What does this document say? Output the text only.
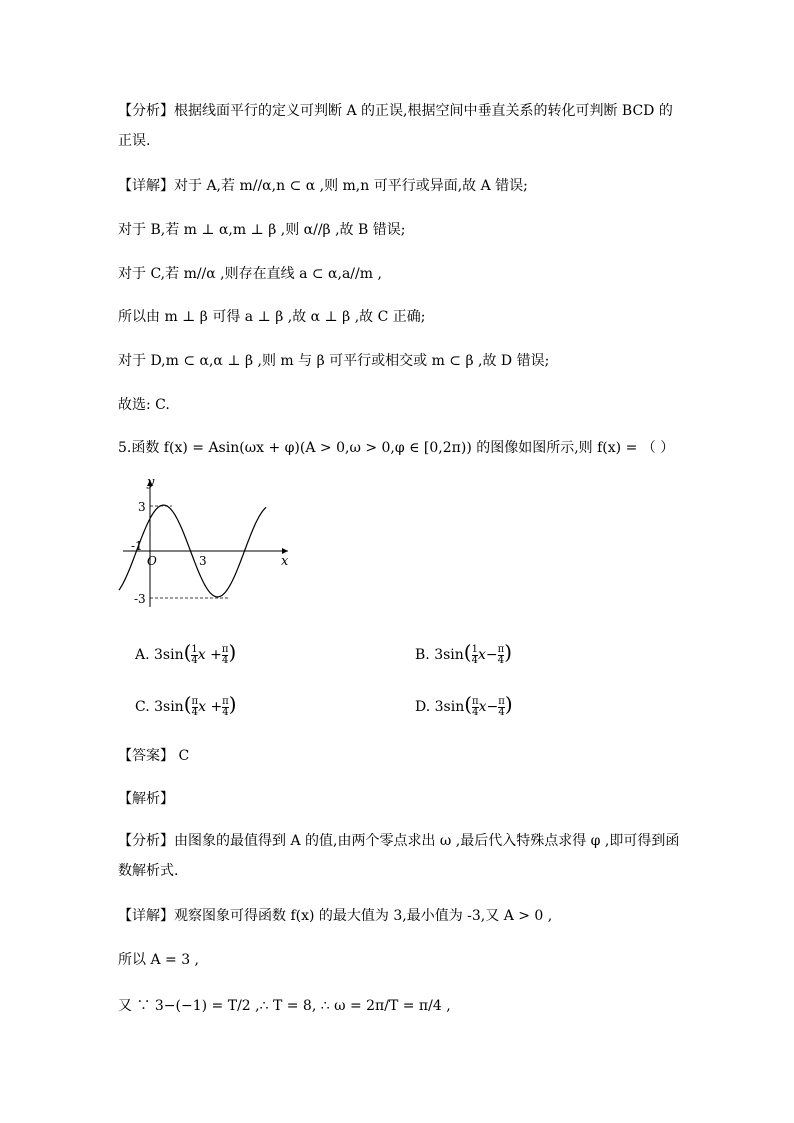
【分析】根据线面平行的定义可判断 A 的正误,根据空间中垂直关系的转化可判断 BCD 的正误.
【详解】对于 A,若 m//α,n ⊂ α ,则 m,n 可平行或异面,故 A 错误;
对于 B,若 m ⊥ α,m ⊥ β ,则 α//β ,故 B 错误;
对于 C,若 m//α ,则存在直线 a ⊂ α,a//m ,
所以由 m ⊥ β 可得 a ⊥ β ,故 α ⊥ β ,故 C 正确;
对于 D,m ⊂ α,α ⊥ β ,则 m 与 β 可平行或相交或 m ⊂ β ,故 D 错误;
故选: C.
5.函数 f(x) = Asin(ωx + φ)(A > 0,ω > 0,φ ∈ [0,2π)) 的图像如图所示,则 f(x) = （ ）
y
x
O
3
-1
3
-3
A. $3\sin( \frac{1}{4}$ $x + \frac{\pi}{4}$ )	B. $3\sin( \frac{1}{4} x- \frac{\pi}{4}$ )
C. $3\sin( \frac{\pi}{4}$ $x + \frac{\pi}{4}$ )	D. $3\sin( \frac{\pi}{4} x- \frac{\pi}{4}$ )
【答案】 C
【解析】
【分析】由图象的最值得到 A 的值,由两个零点求出 ω ,最后代入特殊点求得 φ ,即可得到函数解析式.
【详解】观察图象可得函数 f(x) 的最大值为 3,最小值为 -3,又 A > 0 ,
所以 A = 3 ,
又 ∵ 3−(−1) = T/2 ,∴ T = 8, ∴ ω = 2π/T = π/4 ,
